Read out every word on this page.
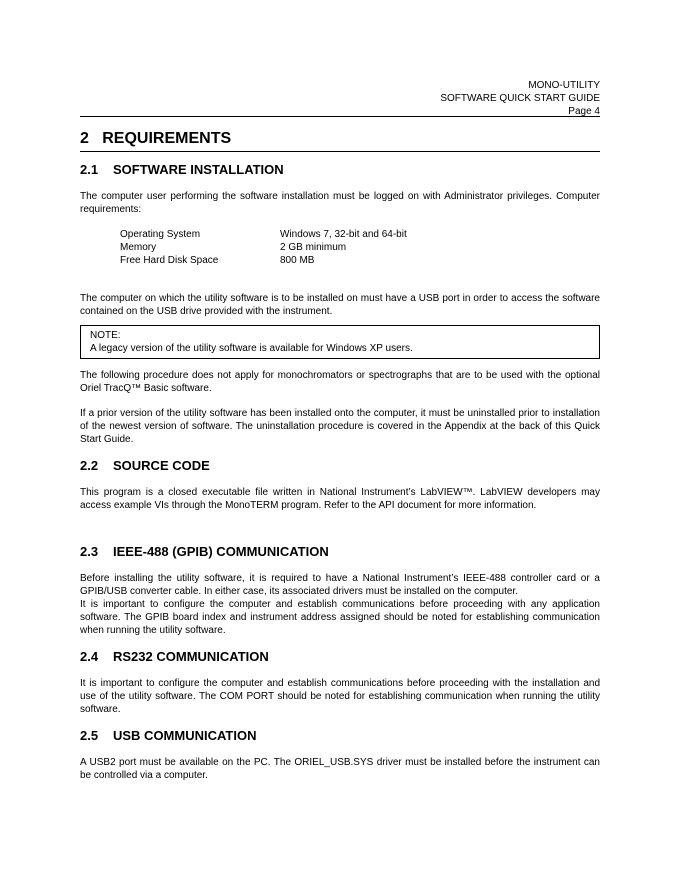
MONO-UTILITY
SOFTWARE QUICK START GUIDE
Page 4
2 REQUIREMENTS
2.1 SOFTWARE INSTALLATION

The computer user performing the software installation must be logged on with Administrator privileges. Computer requirements:

Operating System	Windows 7, 32-bit and 64-bit
Memory	2 GB minimum
Free Hard Disk Space	800 MB

The computer on which the utility software is to be installed on must have a USB port in order to access the software contained on the USB drive provided with the instrument.

NOTE:
A legacy version of the utility software is available for Windows XP users.

The following procedure does not apply for monochromators or spectrographs that are to be used with the optional Oriel TracQ™ Basic software.

If a prior version of the utility software has been installed onto the computer, it must be uninstalled prior to installation of the newest version of software. The uninstallation procedure is covered in the Appendix at the back of this Quick Start Guide.

2.2 SOURCE CODE

This program is a closed executable file written in National Instrument’s LabVIEW™. LabVIEW developers may access example VIs through the MonoTERM program. Refer to the API document for more information.

2.3 IEEE-488 (GPIB) COMMUNICATION

Before installing the utility software, it is required to have a National Instrument’s IEEE-488 controller card or a GPIB/USB converter cable. In either case, its associated drivers must be installed on the computer.

It is important to configure the computer and establish communications before proceeding with any application software. The GPIB board index and instrument address assigned should be noted for establishing communication when running the utility software.

2.4 RS232 COMMUNICATION

It is important to configure the computer and establish communications before proceeding with the installation and use of the utility software. The COM PORT should be noted for establishing communication when running the utility software.

2.5 USB COMMUNICATION

A USB2 port must be available on the PC. The ORIEL_USB.SYS driver must be installed before the instrument can be controlled via a computer.
